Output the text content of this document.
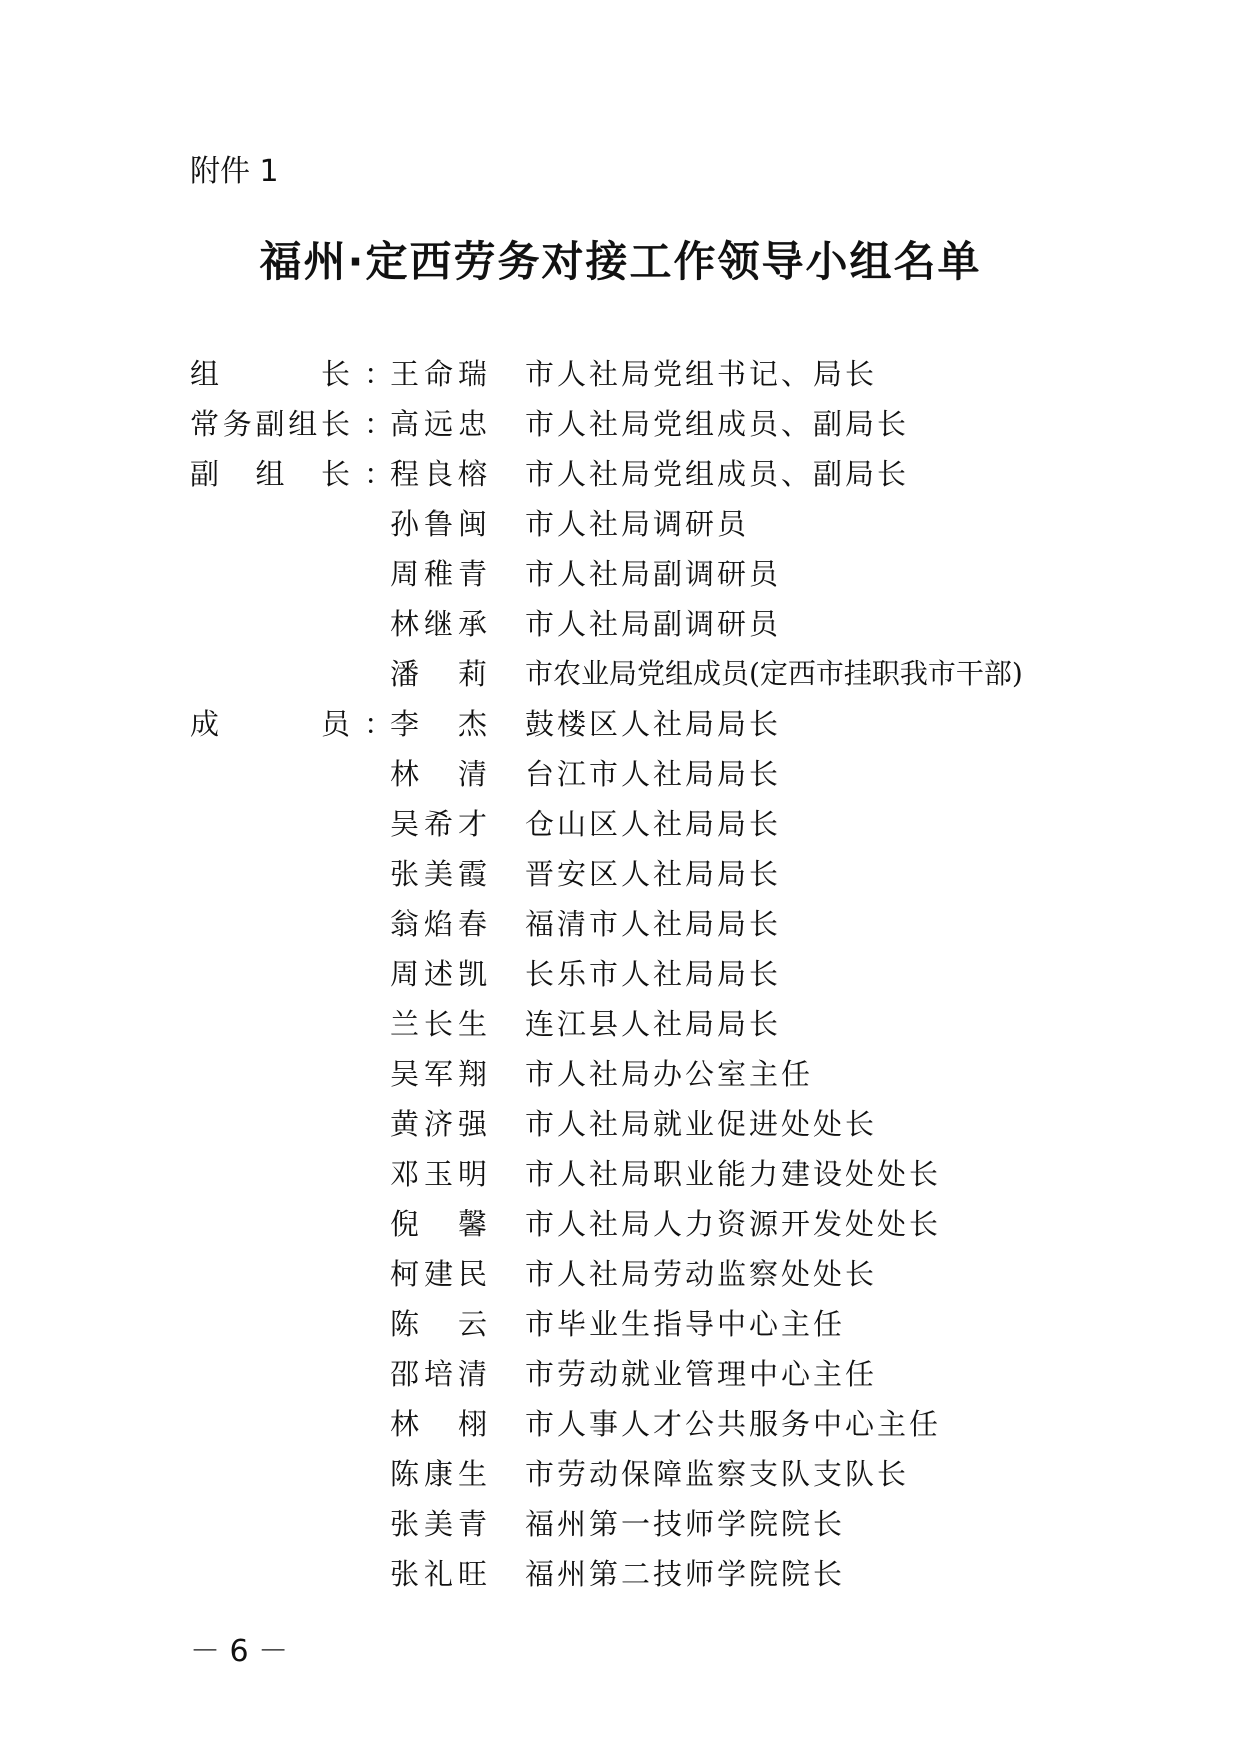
附件 1
福州·定西劳务对接工作领导小组名单
组	长 ：
王 命 瑞 市人社局党组书记、局长
常 务 副 组 长 ：
高 远 忠 市人社局党组成员、副局长
副 组 长 ：
程 良 榕 市人社局党组成员、副局长
孙 鲁 闽 市人社局调研员
周 稚 青 市人社局副调研员
林 继 承 市人社局副调研员
潘 莉 市农业局党组成员(定西市挂职我市干部)
成	员 ：
李 杰 鼓楼区人社局局长
林 清 台江市人社局局长
吴 希 才 仓山区人社局局长
张 美 霞 晋安区人社局局长
翁 焰 春 福清市人社局局长
周 述 凯 长乐市人社局局长
兰 长 生 连江县人社局局长
吴 军 翔 市人社局办公室主任
黄 济 强 市人社局就业促进处处长
邓 玉 明 市人社局职业能力建设处处长
倪 馨 市人社局人力资源开发处处长
柯 建 民 市人社局劳动监察处处长
陈 云 市毕业生指导中心主任
邵 培 清 市劳动就业管理中心主任
林 栩 市人事人才公共服务中心主任
陈 康 生 市劳动保障监察支队支队长
张 美 青 福州第一技师学院院长
张 礼 旺 福州第二技师学院院长
－ 6 －
